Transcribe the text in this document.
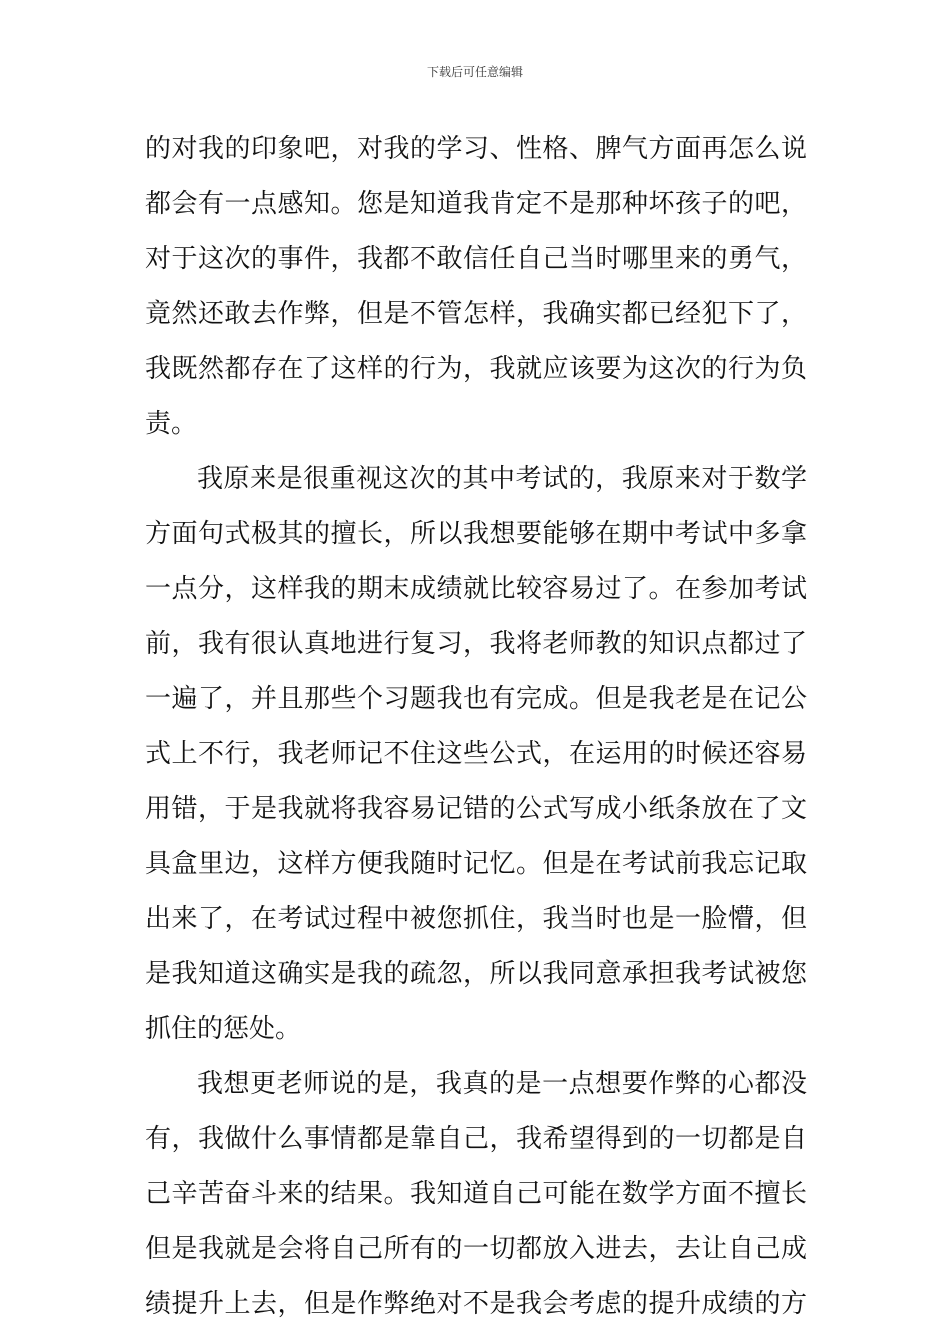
下载后可任意编辑
的对我的印象吧，对我的学习、性格、脾气方面再怎么说
都会有一点感知。您是知道我肯定不是那种坏孩子的吧，
对于这次的事件，我都不敢信任自己当时哪里来的勇气，
竟然还敢去作弊，但是不管怎样，我确实都已经犯下了，
我既然都存在了这样的行为，我就应该要为这次的行为负
责。
我原来是很重视这次的其中考试的，我原来对于数学
方面句式极其的擅长，所以我想要能够在期中考试中多拿
一点分，这样我的期末成绩就比较容易过了。在参加考试
前，我有很认真地进行复习，我将老师教的知识点都过了
一遍了，并且那些个习题我也有完成。但是我老是在记公
式上不行，我老师记不住这些公式，在运用的时候还容易
用错，于是我就将我容易记错的公式写成小纸条放在了文
具盒里边，这样方便我随时记忆。但是在考试前我忘记取
出来了，在考试过程中被您抓住，我当时也是一脸懵，但
是我知道这确实是我的疏忽，所以我同意承担我考试被您
抓住的惩处。
我想更老师说的是，我真的是一点想要作弊的心都没
有，我做什么事情都是靠自己，我希望得到的一切都是自
己辛苦奋斗来的结果。我知道自己可能在数学方面不擅长
但是我就是会将自己所有的一切都放入进去，去让自己成
绩提升上去，但是作弊绝对不是我会考虑的提升成绩的方
